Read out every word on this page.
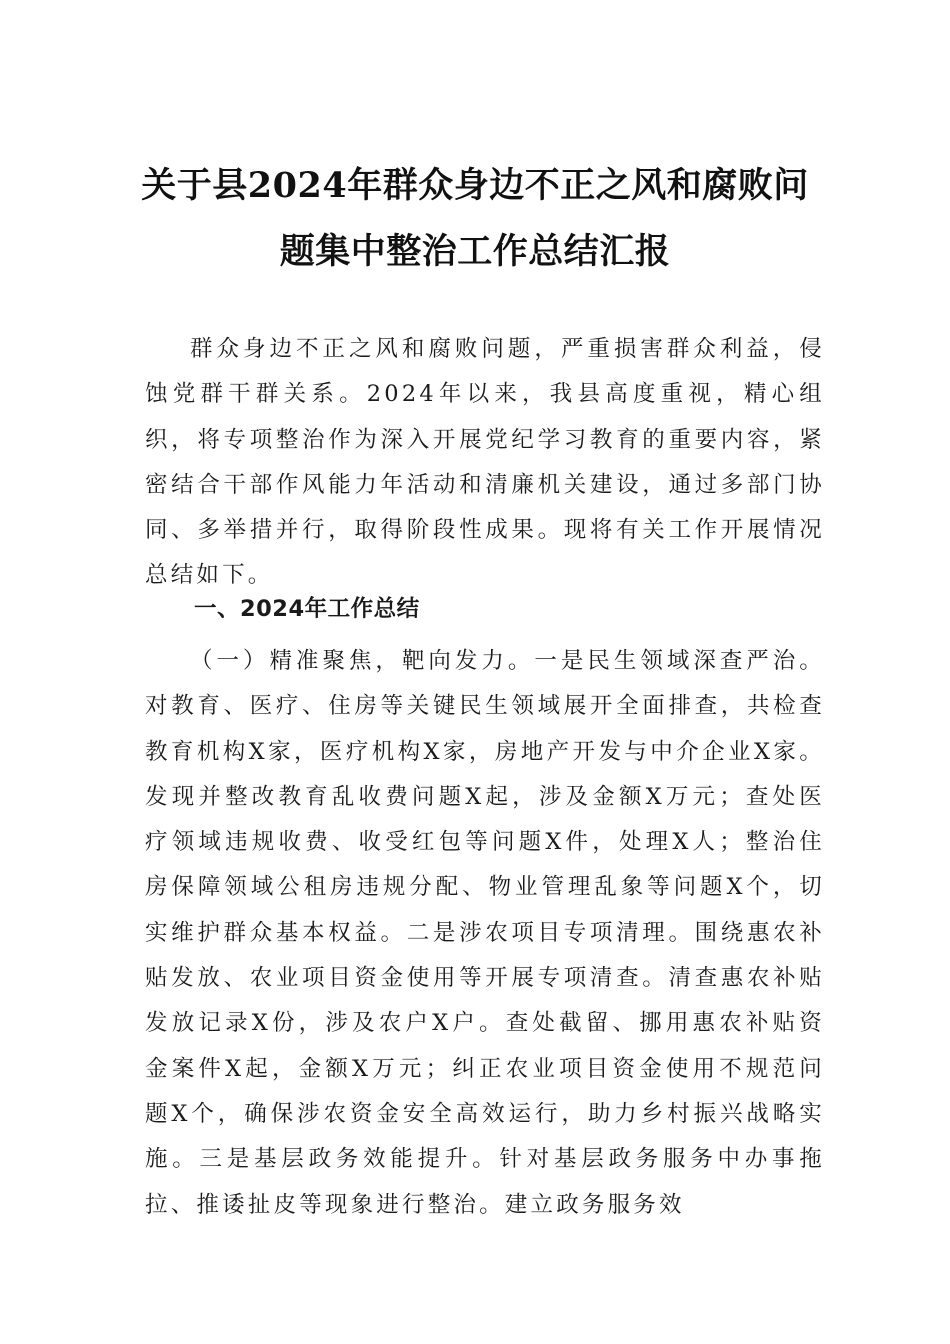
关于县2024年群众身边不正之风和腐败问
题集中整治工作总结汇报

群众身边不正之风和腐败问题，严重损害群众利益，侵蚀党群干群关系。2024年以来，我县高度重视，精心组织，将专项整治作为深入开展党纪学习教育的重要内容，紧密结合干部作风能力年活动和清廉机关建设，通过多部门协同、多举措并行，取得阶段性成果。现将有关工作开展情况总结如下。

一、2024年工作总结

（一）精准聚焦，靶向发力。一是民生领域深查严治。对教育、医疗、住房等关键民生领域展开全面排查，共检查教育机构X家，医疗机构X家，房地产开发与中介企业X家。发现并整改教育乱收费问题X起，涉及金额X万元；查处医疗领域违规收费、收受红包等问题X件，处理X人；整治住房保障领域公租房违规分配、物业管理乱象等问题X个，切实维护群众基本权益。二是涉农项目专项清理。围绕惠农补贴发放、农业项目资金使用等开展专项清查。清查惠农补贴发放记录X份，涉及农户X户。查处截留、挪用惠农补贴资金案件X起，金额X万元；纠正农业项目资金使用不规范问题X个，确保涉农资金安全高效运行，助力乡村振兴战略实施。三是基层政务效能提升。针对基层政务服务中办事拖拉、推诿扯皮等现象进行整治。建立政务服务效
